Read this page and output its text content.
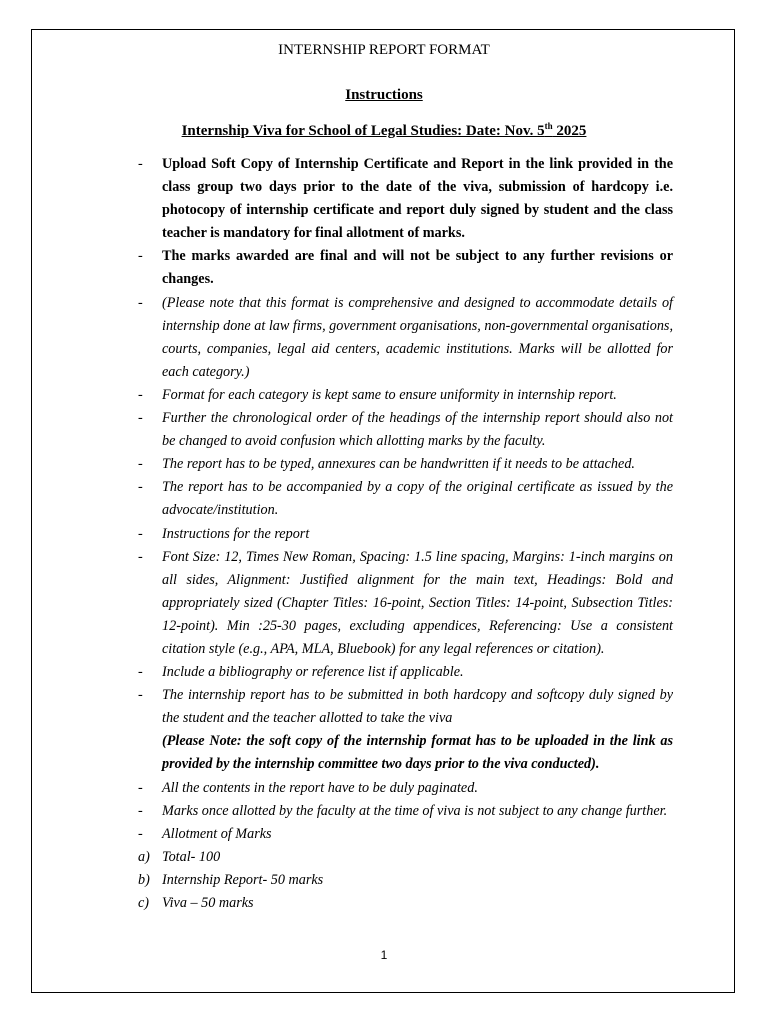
INTERNSHIP REPORT FORMAT
Instructions
Internship Viva for School of Legal Studies: Date: Nov. 5th 2025
-	Upload Soft Copy of Internship Certificate and Report in the link provided in the class group two days prior to the date of the viva, submission of hardcopy i.e. photocopy of internship certificate and report duly signed by student and the class teacher is mandatory for final allotment of marks.
-	The marks awarded are final and will not be subject to any further revisions or changes.
-	(Please note that this format is comprehensive and designed to accommodate details of internship done at law firms, government organisations, non-governmental organisations, courts, companies, legal aid centers, academic institutions. Marks will be allotted for each category.)
-	Format for each category is kept same to ensure uniformity in internship report.
-	Further the chronological order of the headings of the internship report should also not be changed to avoid confusion which allotting marks by the faculty.
-	The report has to be typed, annexures can be handwritten if it needs to be attached.
-	The report has to be accompanied by a copy of the original certificate as issued by the advocate/institution.
-	Instructions for the report
-	Font Size: 12, Times New Roman, Spacing: 1.5 line spacing, Margins: 1-inch margins on all sides, Alignment: Justified alignment for the main text, Headings: Bold and appropriately sized (Chapter Titles: 16-point, Section Titles: 14-point, Subsection Titles: 12-point). Min :25-30 pages, excluding appendices, Referencing: Use a consistent citation style (e.g., APA, MLA, Bluebook) for any legal references or citation).
-	Include a bibliography or reference list if applicable.
-	The internship report has to be submitted in both hardcopy and softcopy duly signed by the student and the teacher allotted to take the viva
(Please Note: the soft copy of the internship format has to be uploaded in the link as provided by the internship committee two days prior to the viva conducted).
-	All the contents in the report have to be duly paginated.
-	Marks once allotted by the faculty at the time of viva is not subject to any change further.
-	Allotment of Marks
a) Total- 100
b) Internship Report- 50 marks
c) Viva – 50 marks
1
